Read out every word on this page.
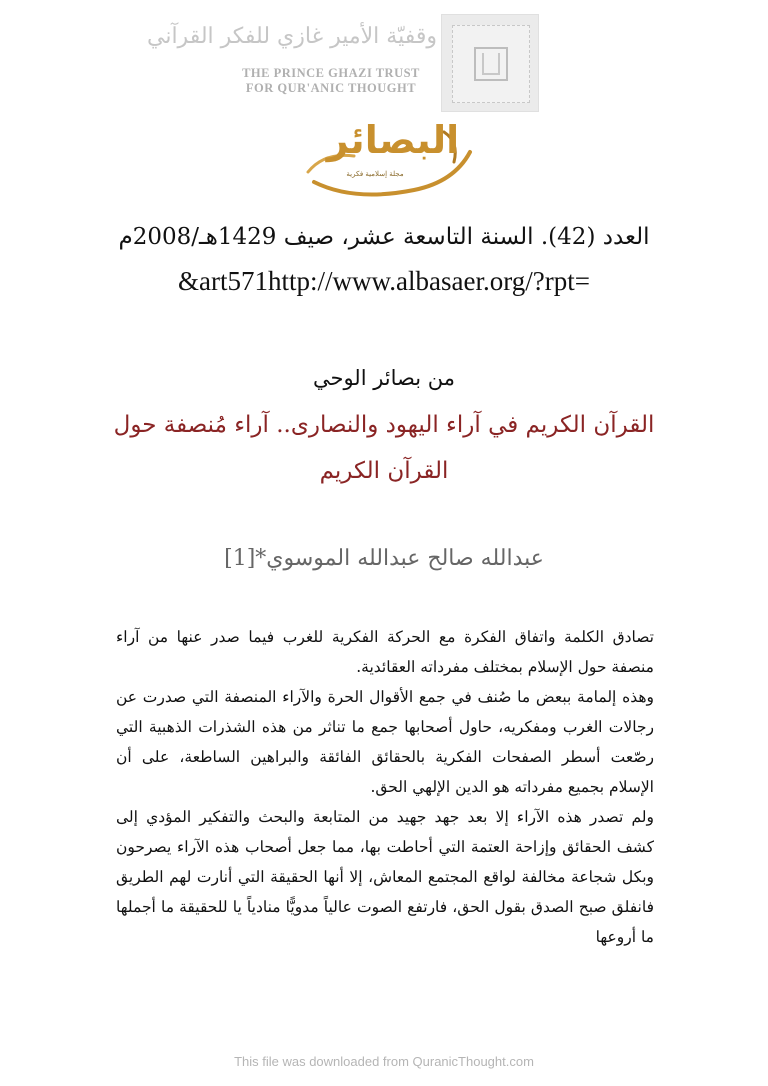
وقفيّة الأمير غازي للفكر القرآني
THE PRINCE GHAZI TRUST
FOR QUR'ANIC THOUGHT
البصائر
مجلة إسلامية فكرية
العدد (42). السنة التاسعة عشر، صيف 1429هـ/2008م
&art571http://www.albasaer.org/?rpt=
من بصائر الوحي
القرآن الكريم في آراء اليهود والنصارى.. آراء مُنصفة حول القرآن الكريم
عبدالله صالح عبدالله الموسوي*[1]

تصادق الكلمة واتفاق الفكرة مع الحركة الفكرية للغرب فيما صدر عنها من آراء منصفة حول الإسلام بمختلف مفرداته العقائدية.

وهذه إلمامة ببعض ما صُنف في جمع الأقوال الحرة والآراء المنصفة التي صدرت عن رجالات الغرب ومفكريه، حاول أصحابها جمع ما تناثر من هذه الشذرات الذهبية التي رصّعت أسطر الصفحات الفكرية بالحقائق الفائقة والبراهين الساطعة، على أن الإسلام بجميع مفرداته هو الدين الإلهي الحق.

ولم تصدر هذه الآراء إلا بعد جهد جهيد من المتابعة والبحث والتفكير المؤدي إلى كشف الحقائق وإزاحة العتمة التي أحاطت بها، مما جعل أصحاب هذه الآراء يصرحون وبكل شجاعة مخالفة لواقع المجتمع المعاش، إلا أنها الحقيقة التي أنارت لهم الطريق فانفلق صبح الصدق بقول الحق، فارتفع الصوت عالياً مدويًّا منادياً يا للحقيقة ما أجملها ما أروعها

This file was downloaded from QuranicThought.com
